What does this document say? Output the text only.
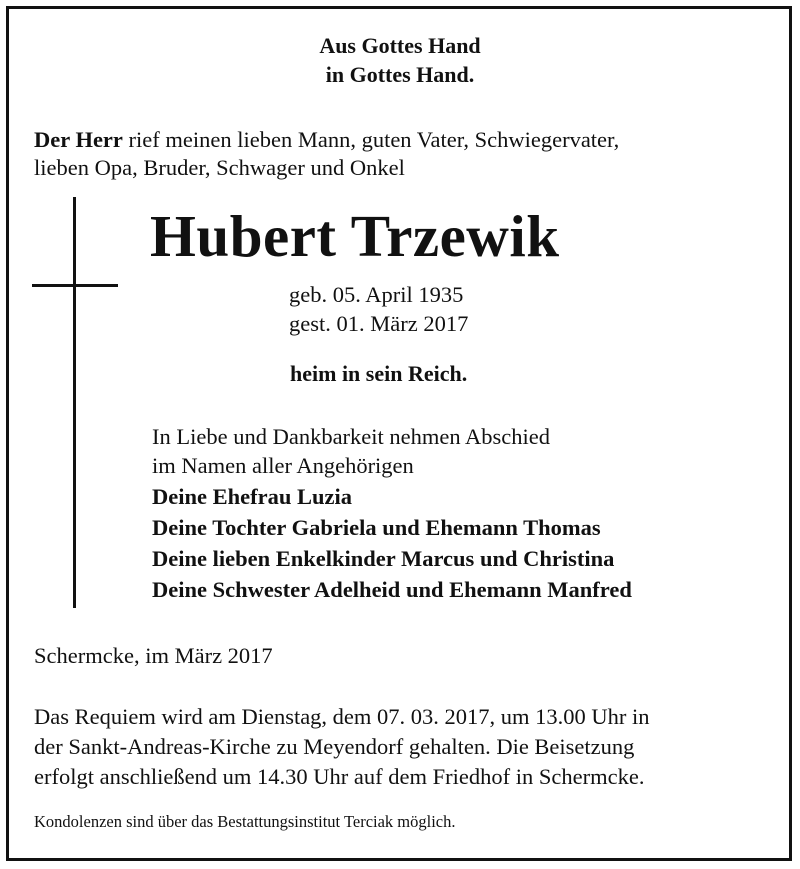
Aus Gottes Hand
in Gottes Hand.
Der Herr rief meinen lieben Mann, guten Vater, Schwiegervater,
lieben Opa, Bruder, Schwager und Onkel
Hubert Trzewik
geb. 05. April 1935
gest. 01. März 2017
heim in sein Reich.
In Liebe und Dankbarkeit nehmen Abschied
im Namen aller Angehörigen
Deine Ehefrau Luzia
Deine Tochter Gabriela und Ehemann Thomas
Deine lieben Enkelkinder Marcus und Christina
Deine Schwester Adelheid und Ehemann Manfred
Schermcke, im März 2017
Das Requiem wird am Dienstag, dem 07. 03. 2017, um 13.00 Uhr in
der Sankt-Andreas-Kirche zu Meyendorf gehalten. Die Beisetzung
erfolgt anschließend um 14.30 Uhr auf dem Friedhof in Schermcke.
Kondolenzen sind über das Bestattungsinstitut Terciak möglich.
